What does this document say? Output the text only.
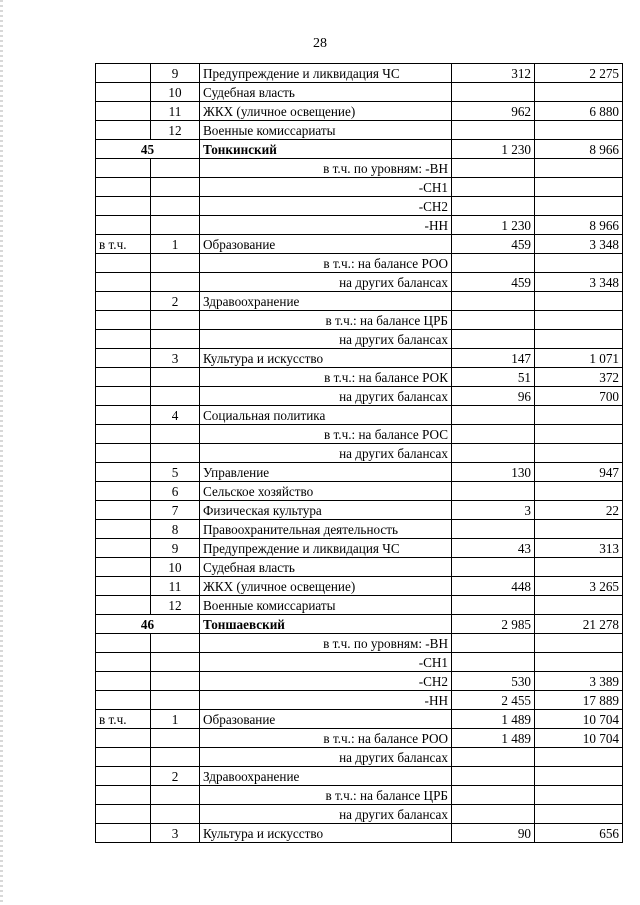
28
	9	Предупреждение и ликвидация ЧС	312	2 275
	10	Судебная власть		
	11	ЖКХ (уличное освещение)	962	6 880
	12	Военные комиссариаты		
45		Тонкинский	1 230	8 966
		в т.ч. по уровням: -ВН		
		-СН1		
		-СН2		
		-НН	1 230	8 966
в т.ч.	1	Образование	459	3 348
		в т.ч.: на балансе РОО		
		на других балансах	459	3 348
	2	Здравоохранение		
		в т.ч.: на балансе ЦРБ		
		на других балансах		
	3	Культура и искусство	147	1 071
		в т.ч.: на балансе РОК	51	372
		на других балансах	96	700
	4	Социальная политика		
		в т.ч.: на балансе РОС		
		на других балансах		
	5	Управление	130	947
	6	Сельское хозяйство		
	7	Физическая культура	3	22
	8	Правоохранительная деятельность		
	9	Предупреждение и ликвидация ЧС	43	313
	10	Судебная власть		
	11	ЖКХ (уличное освещение)	448	3 265
	12	Военные комиссариаты		
46		Тоншаевский	2 985	21 278
		в т.ч. по уровням: -ВН		
		-СН1		
		-СН2	530	3 389
		-НН	2 455	17 889
в т.ч.	1	Образование	1 489	10 704
		в т.ч.: на балансе РОО	1 489	10 704
		на других балансах		
	2	Здравоохранение		
		в т.ч.: на балансе ЦРБ		
		на других балансах		
	3	Культура и искусство	90	656
